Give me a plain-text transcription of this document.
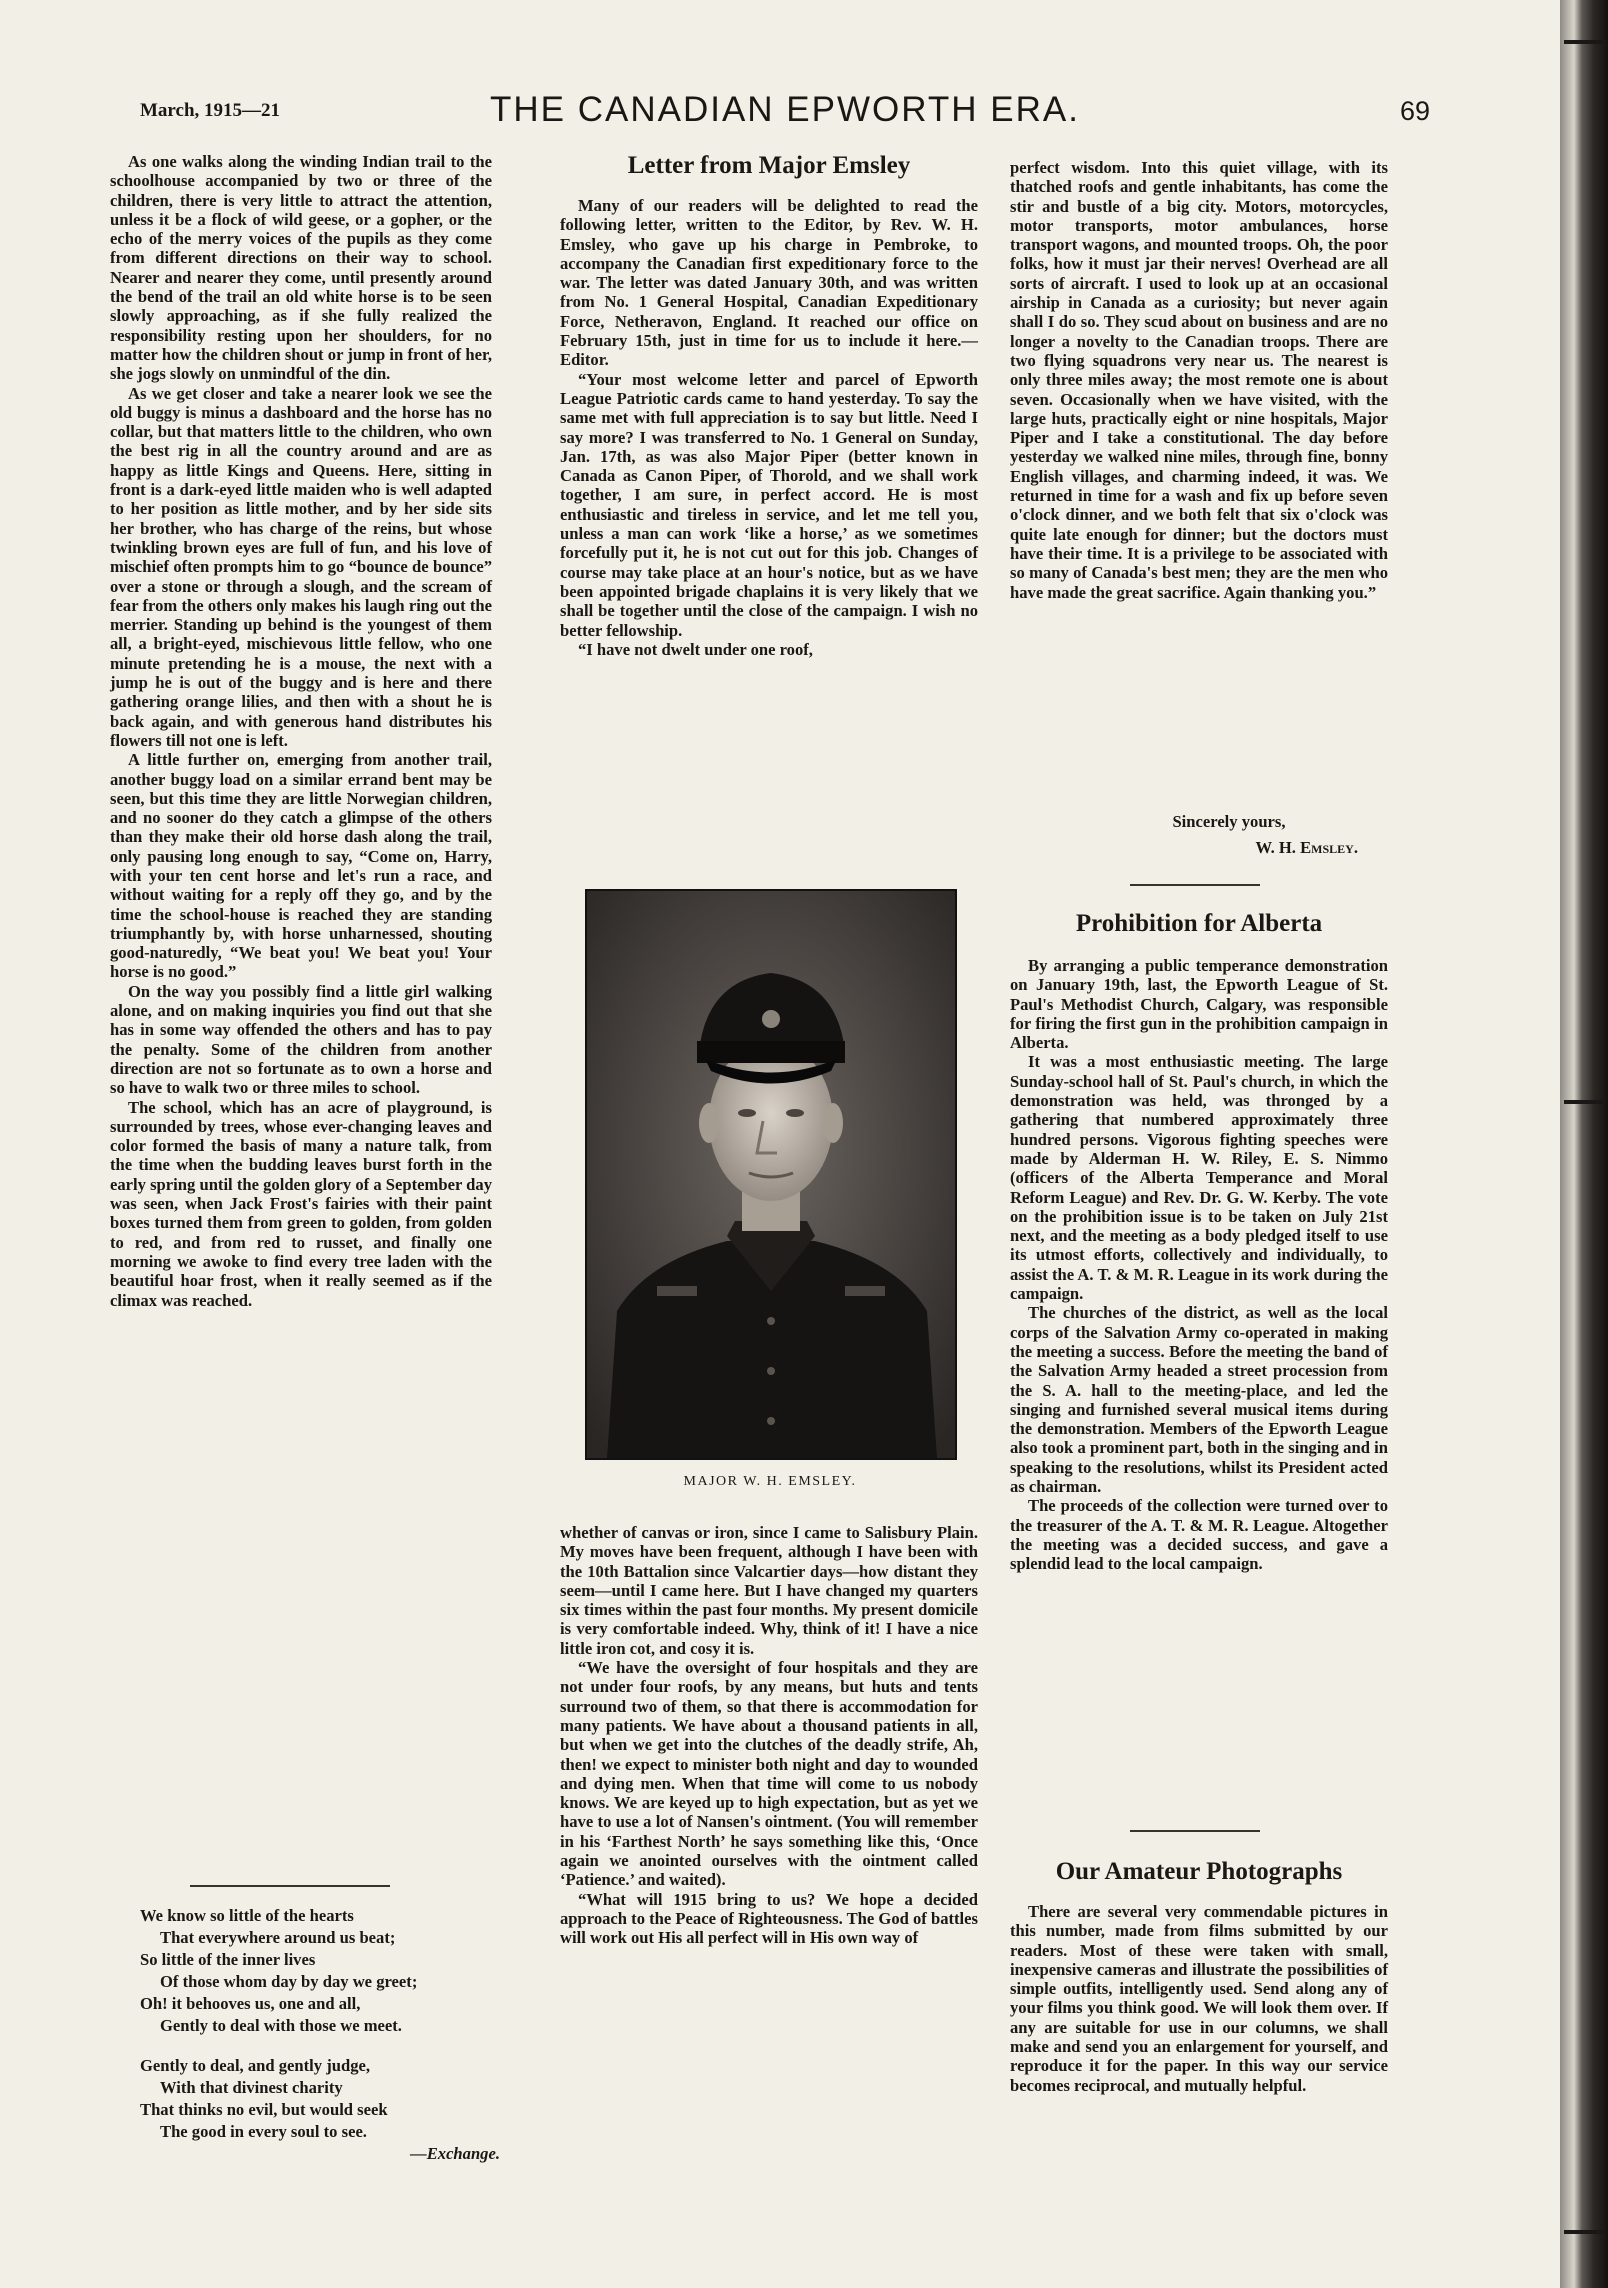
March, 1915—21	THE CANADIAN EPWORTH ERA.	69

As one walks along the winding Indian trail to the schoolhouse accompanied by two or three of the children, there is very little to attract the attention, unless it be a flock of wild geese, or a gopher, or the echo of the merry voices of the pupils as they come from different directions on their way to school. Nearer and nearer they come, until presently around the bend of the trail an old white horse is to be seen slowly approaching, as if she fully realized the responsibility resting upon her shoulders, for no matter how the children shout or jump in front of her, she jogs slowly on unmindful of the din.

As we get closer and take a nearer look we see the old buggy is minus a dashboard and the horse has no collar, but that matters little to the children, who own the best rig in all the country around and are as happy as little Kings and Queens. Here, sitting in front is a dark-eyed little maiden who is well adapted to her position as little mother, and by her side sits her brother, who has charge of the reins, but whose twinkling brown eyes are full of fun, and his love of mischief often prompts him to go “bounce de bounce” over a stone or through a slough, and the scream of fear from the others only makes his laugh ring out the merrier. Standing up behind is the youngest of them all, a bright-eyed, mischievous little fellow, who one minute pretending he is a mouse, the next with a jump he is out of the buggy and is here and there gathering orange lilies, and then with a shout he is back again, and with generous hand distributes his flowers till not one is left.

A little further on, emerging from another trail, another buggy load on a similar errand bent may be seen, but this time they are little Norwegian children, and no sooner do they catch a glimpse of the others than they make their old horse dash along the trail, only pausing long enough to say, “Come on, Harry, with your ten cent horse and let's run a race, and without waiting for a reply off they go, and by the time the school-house is reached they are standing triumphantly by, with horse unharnessed, shouting good-naturedly, “We beat you! We beat you! Your horse is no good.”

On the way you possibly find a little girl walking alone, and on making inquiries you find out that she has in some way offended the others and has to pay the penalty. Some of the children from another direction are not so fortunate as to own a horse and so have to walk two or three miles to school.

The school, which has an acre of playground, is surrounded by trees, whose ever-changing leaves and color formed the basis of many a nature talk, from the time when the budding leaves burst forth in the early spring until the golden glory of a September day was seen, when Jack Frost's fairies with their paint boxes turned them from green to golden, from golden to red, and from red to russet, and finally one morning we awoke to find every tree laden with the beautiful hoar frost, when it really seemed as if the climax was reached.

We know so little of the hearts
That everywhere around us beat;
So little of the inner lives
Of those whom day by day we greet;
Oh! it behooves us, one and all,
Gently to deal with those we meet.
Gently to deal, and gently judge,
With that divinest charity
That thinks no evil, but would seek
The good in every soul to see.
—Exchange.
Letter from Major Emsley

Many of our readers will be delighted to read the following letter, written to the Editor, by Rev. W. H. Emsley, who gave up his charge in Pembroke, to accompany the Canadian first expeditionary force to the war. The letter was dated January 30th, and was written from No. 1 General Hospital, Canadian Expeditionary Force, Netheravon, England. It reached our office on February 15th, just in time for us to include it here.—Editor.

“Your most welcome letter and parcel of Epworth League Patriotic cards came to hand yesterday. To say the same met with full appreciation is to say but little. Need I say more? I was transferred to No. 1 General on Sunday, Jan. 17th, as was also Major Piper (better known in Canada as Canon Piper, of Thorold, and we shall work together, I am sure, in perfect accord. He is most enthusiastic and tireless in service, and let me tell you, unless a man can work ‘like a horse,’ as we sometimes forcefully put it, he is not cut out for this job. Changes of course may take place at an hour's notice, but as we have been appointed brigade chaplains it is very likely that we shall be together until the close of the campaign. I wish no better fellowship.

“I have not dwelt under one roof,

MAJOR W. H. EMSLEY.

whether of canvas or iron, since I came to Salisbury Plain. My moves have been frequent, although I have been with the 10th Battalion since Valcartier days—how distant they seem—until I came here. But I have changed my quarters six times within the past four months. My present domicile is very comfortable indeed. Why, think of it! I have a nice little iron cot, and cosy it is.

“We have the oversight of four hospitals and they are not under four roofs, by any means, but huts and tents surround two of them, so that there is accommodation for many patients. We have about a thousand patients in all, but when we get into the clutches of the deadly strife, Ah, then! we expect to minister both night and day to wounded and dying men. When that time will come to us nobody knows. We are keyed up to high expectation, but as yet we have to use a lot of Nansen's ointment. (You will remember in his ‘Farthest North’ he says something like this, ‘Once again we anointed ourselves with the ointment called ‘Patience.’ and waited).

“What will 1915 bring to us? We hope a decided approach to the Peace of Righteousness. The God of battles will work out His all perfect will in His own way of

perfect wisdom. Into this quiet village, with its thatched roofs and gentle inhabitants, has come the stir and bustle of a big city. Motors, motorcycles, motor transports, motor ambulances, horse transport wagons, and mounted troops. Oh, the poor folks, how it must jar their nerves! Overhead are all sorts of aircraft. I used to look up at an occasional airship in Canada as a curiosity; but never again shall I do so. They scud about on business and are no longer a novelty to the Canadian troops. There are two flying squadrons very near us. The nearest is only three miles away; the most remote one is about seven. Occasionally when we have visited, with the large huts, practically eight or nine hospitals, Major Piper and I take a constitutional. The day before yesterday we walked nine miles, through fine, bonny English villages, and charming indeed, it was. We returned in time for a wash and fix up before seven o'clock dinner, and we both felt that six o'clock was quite late enough for dinner; but the doctors must have their time. It is a privilege to be associated with so many of Canada's best men; they are the men who have made the great sacrifice. Again thanking you.”

Sincerely yours,
W. H. Emsley.
Prohibition for Alberta

By arranging a public temperance demonstration on January 19th, last, the Epworth League of St. Paul's Methodist Church, Calgary, was responsible for firing the first gun in the prohibition campaign in Alberta.

It was a most enthusiastic meeting. The large Sunday-school hall of St. Paul's church, in which the demonstration was held, was thronged by a gathering that numbered approximately three hundred persons. Vigorous fighting speeches were made by Alderman H. W. Riley, E. S. Nimmo (officers of the Alberta Temperance and Moral Reform League) and Rev. Dr. G. W. Kerby. The vote on the prohibition issue is to be taken on July 21st next, and the meeting as a body pledged itself to use its utmost efforts, collectively and individually, to assist the A. T. & M. R. League in its work during the campaign.

The churches of the district, as well as the local corps of the Salvation Army co-operated in making the meeting a success. Before the meeting the band of the Salvation Army headed a street procession from the S. A. hall to the meeting-place, and led the singing and furnished several musical items during the demonstration. Members of the Epworth League also took a prominent part, both in the singing and in speaking to the resolutions, whilst its President acted as chairman.

The proceeds of the collection were turned over to the treasurer of the A. T. & M. R. League. Altogether the meeting was a decided success, and gave a splendid lead to the local campaign.

Our Amateur Photographs

There are several very commendable pictures in this number, made from films submitted by our readers. Most of these were taken with small, inexpensive cameras and illustrate the possibilities of simple outfits, intelligently used. Send along any of your films you think good. We will look them over. If any are suitable for use in our columns, we shall make and send you an enlargement for yourself, and reproduce it for the paper. In this way our service becomes reciprocal, and mutually helpful.
